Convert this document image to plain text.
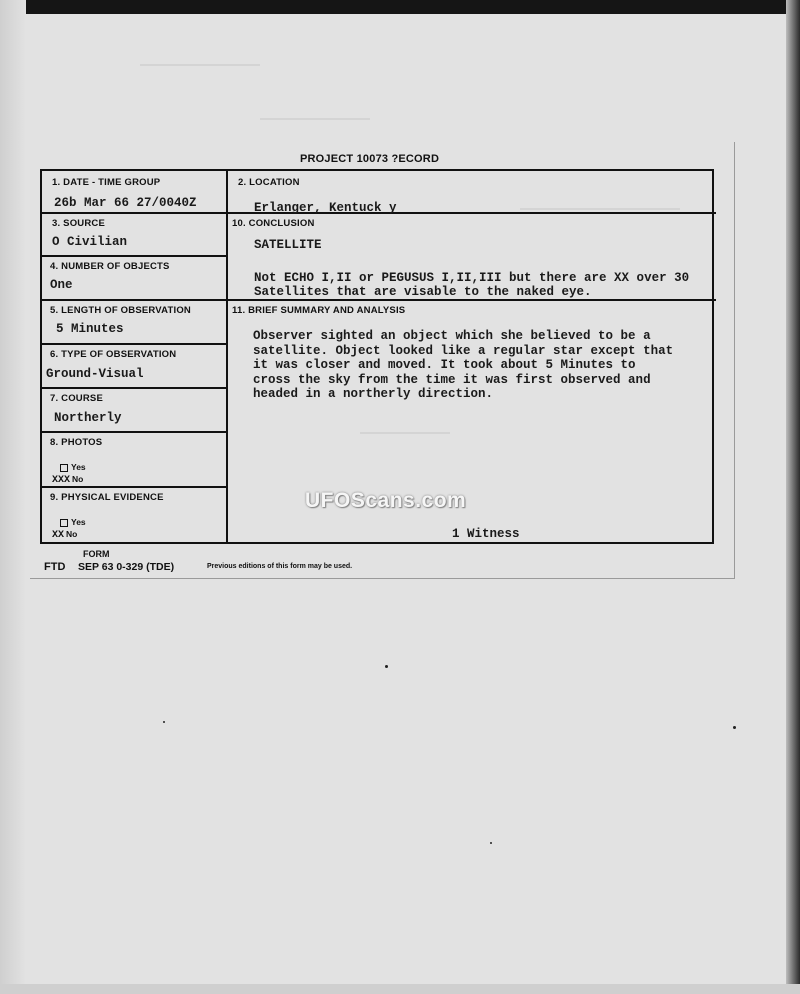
PROJECT 10073 ?ECORD
1. DATE - TIME GROUP
26b Mar 66 27/0040Z
2. LOCATION
Erlanger, Kentuck y
3. SOURCE
O Civilian
10. CONCLUSION
SATELLITE
Not ECHO I,II or PEGUSUS I,II,III but there are XX over 30
Satellites that are visable to the naked eye.
4. NUMBER OF OBJECTS
One
5. LENGTH OF OBSERVATION
5 Minutes
11. BRIEF SUMMARY AND ANALYSIS
Observer sighted an object which she believed to be a
satellite. Object looked like a regular star except that
it was closer and moved. It took about 5 Minutes to
cross the sky from the time it was first observed and
headed in a northerly direction.
1 Witness
6. TYPE OF OBSERVATION
Ground-Visual
7. COURSE
Northerly
8. PHOTOS
Yes
XXX No
9. PHYSICAL EVIDENCE
Yes
XX No
FORM
FTD SEP 63 0-329 (TDE)	Previous editions of this form may be used.
UFOScans.com
